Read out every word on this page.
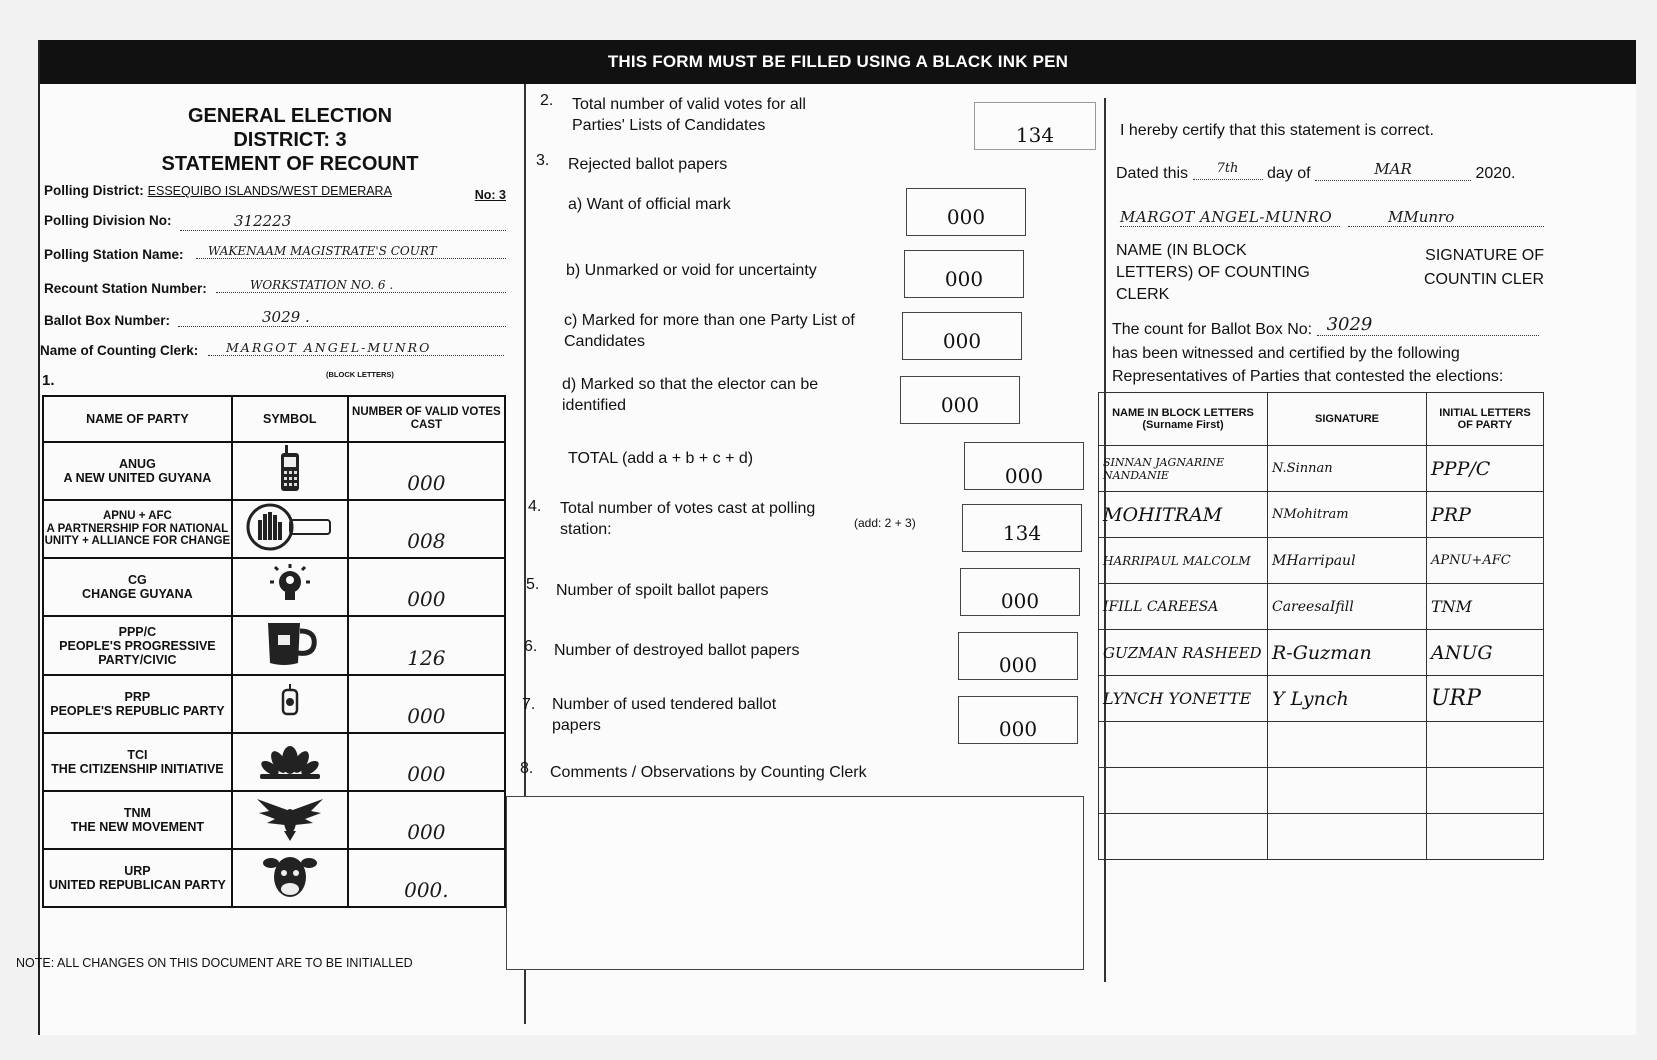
THIS FORM MUST BE FILLED USING A BLACK INK PEN
GENERAL ELECTION
DISTRICT: 3
STATEMENT OF RECOUNT
Polling District: ESSEQUIBO ISLANDS/WEST DEMERARA	No: 3
Polling Division No:	312223
Polling Station Name:	WAKENAAM MAGISTRATE'S COURT
Recount Station Number:	WORKSTATION NO. 6 .
Ballot Box Number:	3029 .
Name of Counting Clerk:	MARGOT ANGEL-MUNRO
(BLOCK LETTERS)
1.
NAME OF PARTY	SYMBOL	NUMBER OF VALID VOTES CAST

ANUG
A NEW UNITED GUYANA		000

APNU + AFC
A PARTNERSHIP FOR NATIONAL UNITY + ALLIANCE FOR CHANGE		008

CG
CHANGE GUYANA		000

PPP/C
PEOPLE'S PROGRESSIVE PARTY/CIVIC		126

PRP
PEOPLE'S REPUBLIC PARTY		000

TCI
THE CITIZENSHIP INITIATIVE		000

TNM
THE NEW MOVEMENT		000

URP
UNITED REPUBLICAN PARTY		000.
NOTE: ALL CHANGES ON THIS DOCUMENT ARE TO BE INITIALLED
2. Total number of valid votes for all Parties' Lists of Candidates	134
3. Rejected ballot papers
a) Want of official mark
000
b) Unmarked or void for uncertainty	000
c) Marked for more than one Party List of Candidates	000
d) Marked so that the elector can be identified	000
TOTAL (add a + b + c + d)
000
4. Total number of votes cast at polling station:	(add: 2 + 3)	134
5. Number of spoilt ballot papers	000
6. Number of destroyed ballot papers
000
7. Number of used tendered ballot papers	000
8. Comments / Observations by Counting Clerk
I hereby certify that this statement is correct.
Dated this 7th day of	MAR	2020.
MARGOT ANGEL-MUNRO	MMunro
NAME (IN BLOCK LETTERS) OF COUNTING CLERK
SIGNATURE OF COUNTIN CLER
The count for Ballot Box No: 3029
has been witnessed and certified by the following Representatives of Parties that contested the elections:
NAME IN BLOCK LETTERS (Surname First)	SIGNATURE	INITIAL LETTERS OF PARTY
SINNAN JAGNARINE NANDANIE	N.Sinnan	PPP/C
MOHITRAM	NMohitram	PRP
HARRIPAUL MALCOLM	MHarripaul	APNU+AFC
IFILL CAREESA	CareesaIfill	TNM
GUZMAN RASHEED	R-Guzman	ANUG
LYNCH YONETTE	Y Lynch	URP
